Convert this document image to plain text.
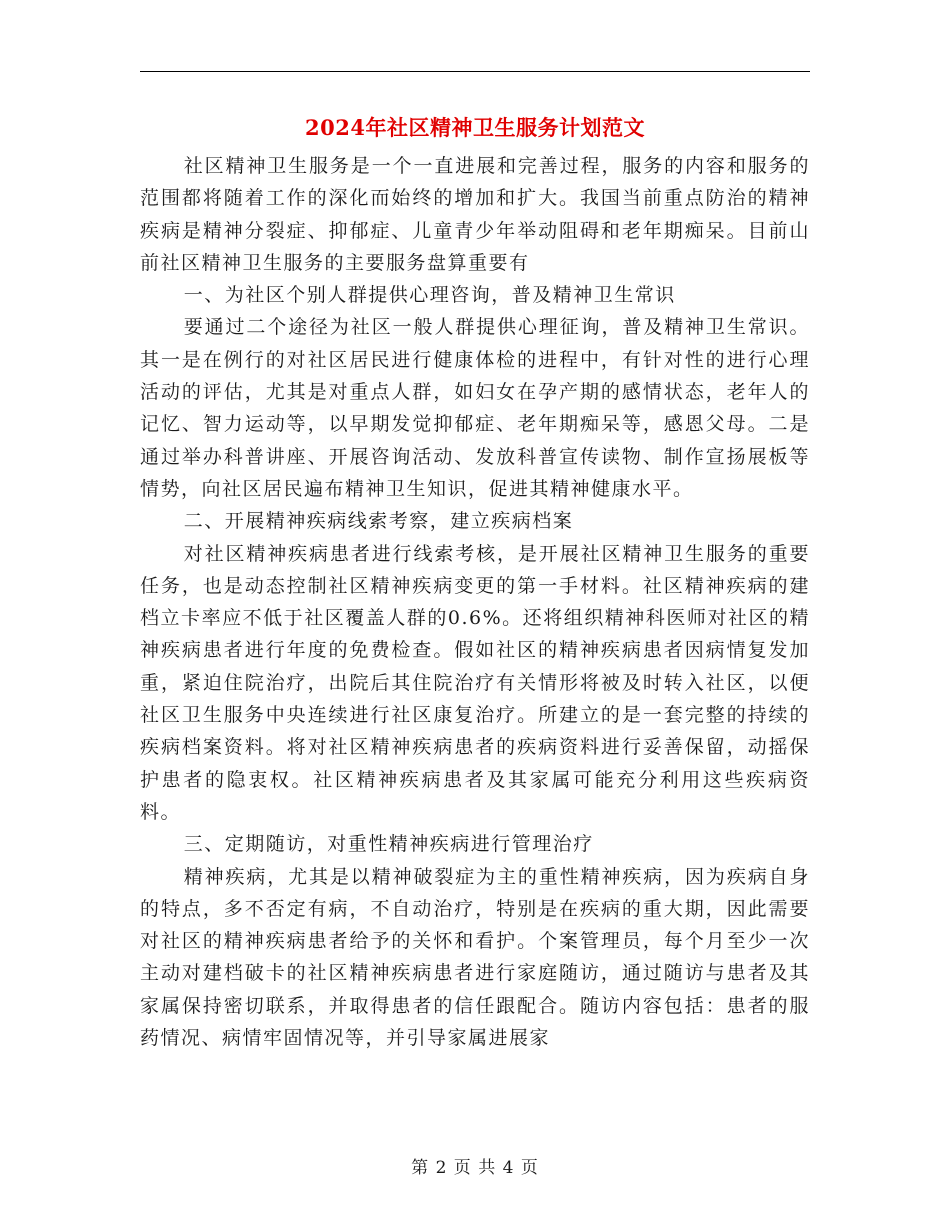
2024年社区精神卫生服务计划范文

社区精神卫生服务是一个一直进展和完善过程，服务的内容和服务的范围都将随着工作的深化而始终的增加和扩大。我国当前重点防治的精神疾病是精神分裂症、抑郁症、儿童青少年举动阻碍和老年期痴呆。目前山前社区精神卫生服务的主要服务盘算重要有

一、为社区个别人群提供心理咨询，普及精神卫生常识

要通过二个途径为社区一般人群提供心理征询，普及精神卫生常识。其一是在例行的对社区居民进行健康体检的进程中，有针对性的进行心理活动的评估，尤其是对重点人群，如妇女在孕产期的感情状态，老年人的记忆、智力运动等，以早期发觉抑郁症、老年期痴呆等，感恩父母。二是通过举办科普讲座、开展咨询活动、发放科普宣传读物、制作宣扬展板等情势，向社区居民遍布精神卫生知识，促进其精神健康水平。

二、开展精神疾病线索考察，建立疾病档案

对社区精神疾病患者进行线索考核，是开展社区精神卫生服务的重要任务，也是动态控制社区精神疾病变更的第一手材料。社区精神疾病的建档立卡率应不低于社区覆盖人群的0.6%。还将组织精神科医师对社区的精神疾病患者进行年度的免费检查。假如社区的精神疾病患者因病情复发加重，紧迫住院治疗，出院后其住院治疗有关情形将被及时转入社区，以便社区卫生服务中央连续进行社区康复治疗。所建立的是一套完整的持续的疾病档案资料。将对社区精神疾病患者的疾病资料进行妥善保留，动摇保护患者的隐衷权。社区精神疾病患者及其家属可能充分利用这些疾病资料。

三、定期随访，对重性精神疾病进行管理治疗

精神疾病，尤其是以精神破裂症为主的重性精神疾病，因为疾病自身的特点，多不否定有病，不自动治疗，特别是在疾病的重大期，因此需要对社区的精神疾病患者给予的关怀和看护。个案管理员，每个月至少一次主动对建档破卡的社区精神疾病患者进行家庭随访，通过随访与患者及其家属保持密切联系，并取得患者的信任跟配合。随访内容包括：患者的服药情况、病情牢固情况等，并引导家属进展家

第 2 页 共 4 页
